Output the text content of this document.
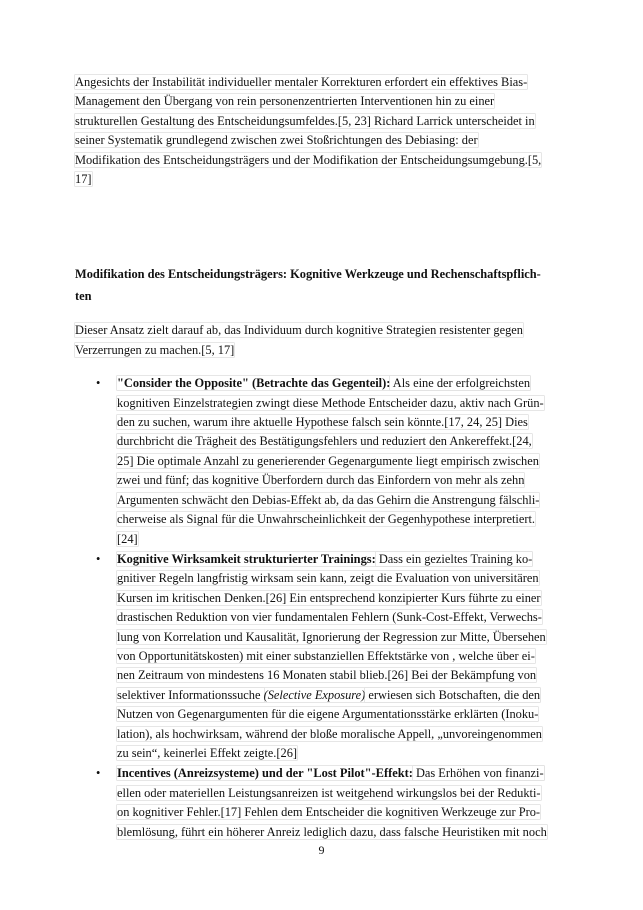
Angesichts der Instabilität individueller mentaler Korrekturen erfordert ein effektives Bias-
Management den Übergang von rein personenzentrierten Interventionen hin zu einer
strukturellen Gestaltung des Entscheidungsumfeldes.[5, 23] Richard Larrick unterscheidet in
seiner Systematik grundlegend zwischen zwei Stoßrichtungen des Debiasing: der
Modifikation des Entscheidungsträgers und der Modifikation der Entscheidungsumgebung.[5,
17]

Modifikation des Entscheidungsträgers: Kognitive Werkzeuge und Rechenschaftspflich-
ten

Dieser Ansatz zielt darauf ab, das Individuum durch kognitive Strategien resistenter gegen
Verzerrungen zu machen.[5, 17]

• "Consider the Opposite" (Betrachte das Gegenteil): Als eine der erfolgreichsten
kognitiven Einzelstrategien zwingt diese Methode Entscheider dazu, aktiv nach Grün-
den zu suchen, warum ihre aktuelle Hypothese falsch sein könnte.[17, 24, 25] Dies
durchbricht die Trägheit des Bestätigungsfehlers und reduziert den Ankereffekt.[24,
25] Die optimale Anzahl zu generierender Gegenargumente liegt empirisch zwischen
zwei und fünf; das kognitive Überfordern durch das Einfordern von mehr als zehn
Argumenten schwächt den Debias-Effekt ab, da das Gehirn die Anstrengung fälschli-
cherweise als Signal für die Unwahrscheinlichkeit der Gegenhypothese interpretiert.
[24]
• Kognitive Wirksamkeit strukturierter Trainings: Dass ein gezieltes Training ko-
gnitiver Regeln langfristig wirksam sein kann, zeigt die Evaluation von universitären
Kursen im kritischen Denken.[26] Ein entsprechend konzipierter Kurs führte zu einer
drastischen Reduktion von vier fundamentalen Fehlern (Sunk-Cost-Effekt, Verwechs-
lung von Korrelation und Kausalität, Ignorierung der Regression zur Mitte, Übersehen
von Opportunitätskosten) mit einer substanziellen Effektstärke von , welche über ei-
nen Zeitraum von mindestens 16 Monaten stabil blieb.[26] Bei der Bekämpfung von
selektiver Informationssuche (Selective Exposure) erwiesen sich Botschaften, die den
Nutzen von Gegenargumenten für die eigene Argumentationsstärke erklärten (Inoku-
lation), als hochwirksam, während der bloße moralische Appell, „unvoreingenommen
zu sein“, keinerlei Effekt zeigte.[26]
• Incentives (Anreizsysteme) und der "Lost Pilot"-Effekt: Das Erhöhen von finanzi-
ellen oder materiellen Leistungsanreizen ist weitgehend wirkungslos bei der Redukti-
on kognitiver Fehler.[17] Fehlen dem Entscheider die kognitiven Werkzeuge zur Pro-
blemlösung, führt ein höherer Anreiz lediglich dazu, dass falsche Heuristiken mit noch
9
